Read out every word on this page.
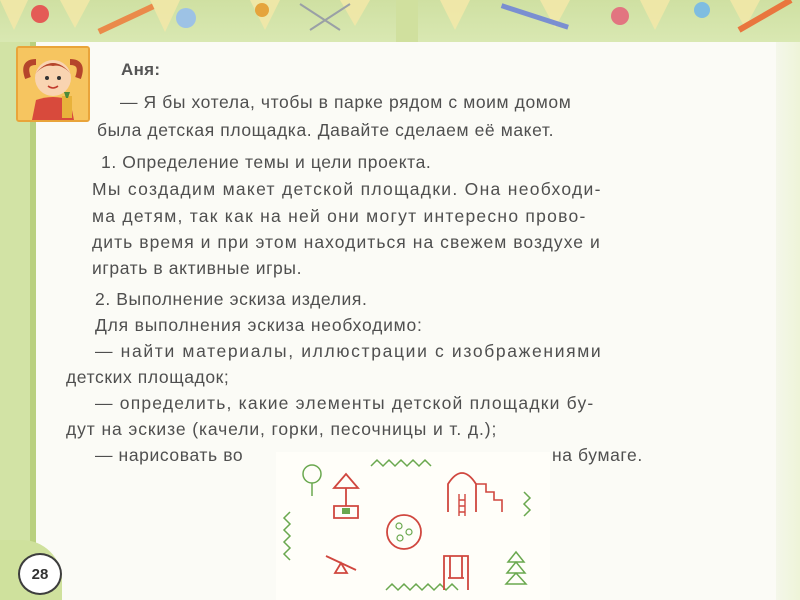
Аня:
— Я бы хотела, чтобы в парке рядом с моим домом
была детская площадка. Давайте сделаем её макет.
1. Определение темы и цели проекта.
Мы создадим макет детской площадки. Она необходи-
ма детям, так как на ней они могут интересно прово-
дить время и при этом находиться на свежем воздухе и
играть в активные игры.
2. Выполнение эскиза изделия.
Для выполнения эскиза необходимо:
— найти материалы, иллюстрации с изображениями
детских площадок;
— определить, какие элементы детской площадки бу-
дут на эскизе (качели, горки, песочницы и т. д.);
— нарисовать во	на бумаге.
28
